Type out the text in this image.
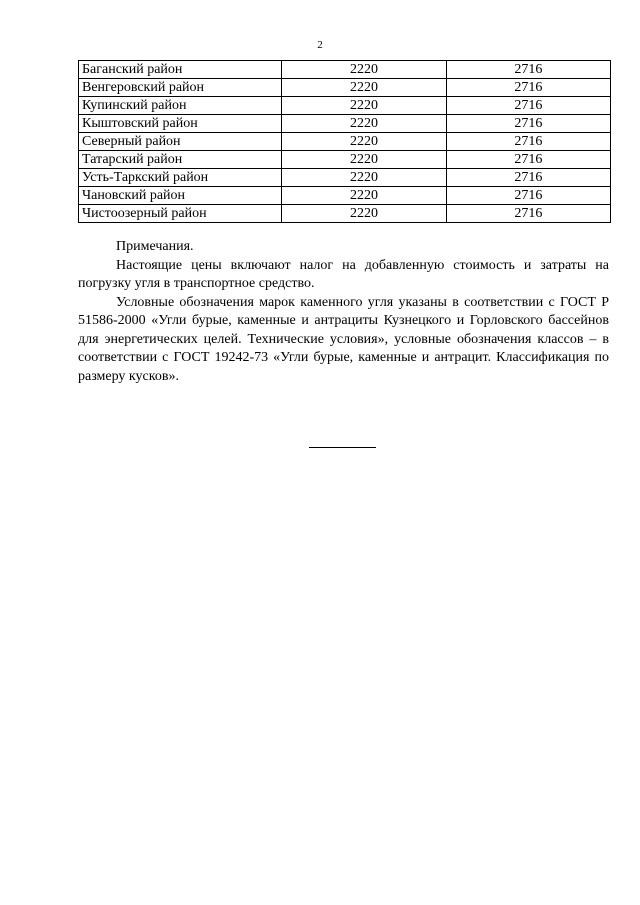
2
Баганский район	2220	2716
Венгеровский район	2220	2716
Купинский район	2220	2716
Кыштовский район	2220	2716
Северный район	2220	2716
Татарский район	2220	2716
Усть-Таркский район	2220	2716
Чановский район	2220	2716
Чистоозерный район	2220	2716

Примечания.

Настоящие цены включают налог на добавленную стоимость и затраты на погрузку угля в транспортное средство.

Условные обозначения марок каменного угля указаны в соответствии с ГОСТ Р 51586-2000 «Угли бурые, каменные и антрациты Кузнецкого и Горловского бассейнов для энергетических целей. Технические условия», условные обозначения классов – в соответствии с ГОСТ 19242-73 «Угли бурые, каменные и антрацит. Классификация по размеру кусков».
